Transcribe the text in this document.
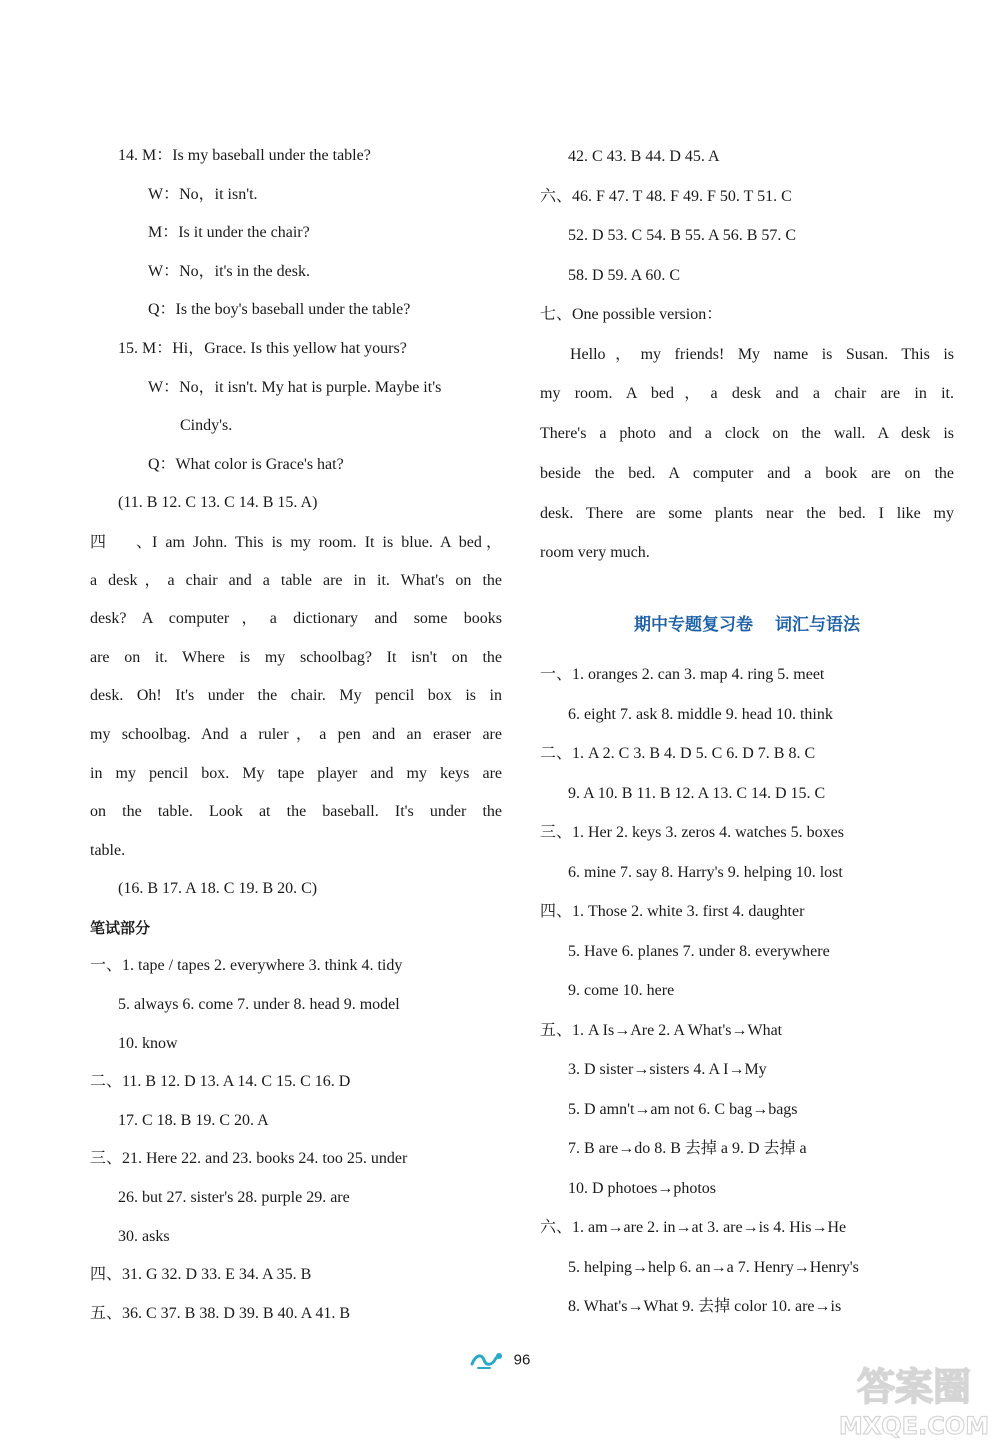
14. M：Is my baseball under the table?
W：No，it isn't.
M：Is it under the chair?
W：No，it's in the desk.
Q：Is the boy's baseball under the table?
15. M：Hi，Grace. Is this yellow hat yours?
W：No，it isn't. My hat is purple. Maybe it's
Cindy's.
Q：What color is Grace's hat?
(11. B 12. C 13. C 14. B 15. A)
四、I am John. This is my room. It is blue. A bed，
a desk，a chair and a table are in it. What's on the
desk? A computer，a dictionary and some books
are on it. Where is my schoolbag? It isn't on the
desk. Oh! It's under the chair. My pencil box is in
my schoolbag. And a ruler，a pen and an eraser are
in my pencil box. My tape player and my keys are
on the table. Look at the baseball. It's under the
table.
(16. B 17. A 18. C 19. B 20. C)
笔试部分
一、1. tape / tapes 2. everywhere 3. think 4. tidy
5. always 6. come 7. under 8. head 9. model
10. know
二、11. B 12. D 13. A 14. C 15. C 16. D
17. C 18. B 19. C 20. A
三、21. Here 22. and 23. books 24. too 25. under
26. but 27. sister's 28. purple 29. are
30. asks
四、31. G 32. D 33. E 34. A 35. B
五、36. C 37. B 38. D 39. B 40. A 41. B
42. C 43. B 44. D 45. A
六、46. F 47. T 48. F 49. F 50. T 51. C
52. D 53. C 54. B 55. A 56. B 57. C
58. D 59. A 60. C
七、One possible version：
Hello，my friends! My name is Susan. This is
my room. A bed，a desk and a chair are in it.
There's a photo and a clock on the wall. A desk is
beside the bed. A computer and a book are on the
desk. There are some plants near the bed. I like my
room very much.
期中专题复习卷 词汇与语法
一、1. oranges 2. can 3. map 4. ring 5. meet
6. eight 7. ask 8. middle 9. head 10. think
二、1. A 2. C 3. B 4. D 5. C 6. D 7. B 8. C
9. A 10. B 11. B 12. A 13. C 14. D 15. C
三、1. Her 2. keys 3. zeros 4. watches 5. boxes
6. mine 7. say 8. Harry's 9. helping 10. lost
四、1. Those 2. white 3. first 4. daughter
5. Have 6. planes 7. under 8. everywhere
9. come 10. here
五、1. A Is→Are 2. A What's→What
3. D sister→sisters 4. A I→My
5. D amn't→am not 6. C bag→bags
7. B are→do 8. B 去掉 a 9. D 去掉 a
10. D photoes→photos
六、1. am→are 2. in→at 3. are→is 4. His→He
5. helping→help 6. an→a 7. Henry→Henry's
8. What's→What 9. 去掉 color 10. are→is
96
答案圈
MXQE.COM
